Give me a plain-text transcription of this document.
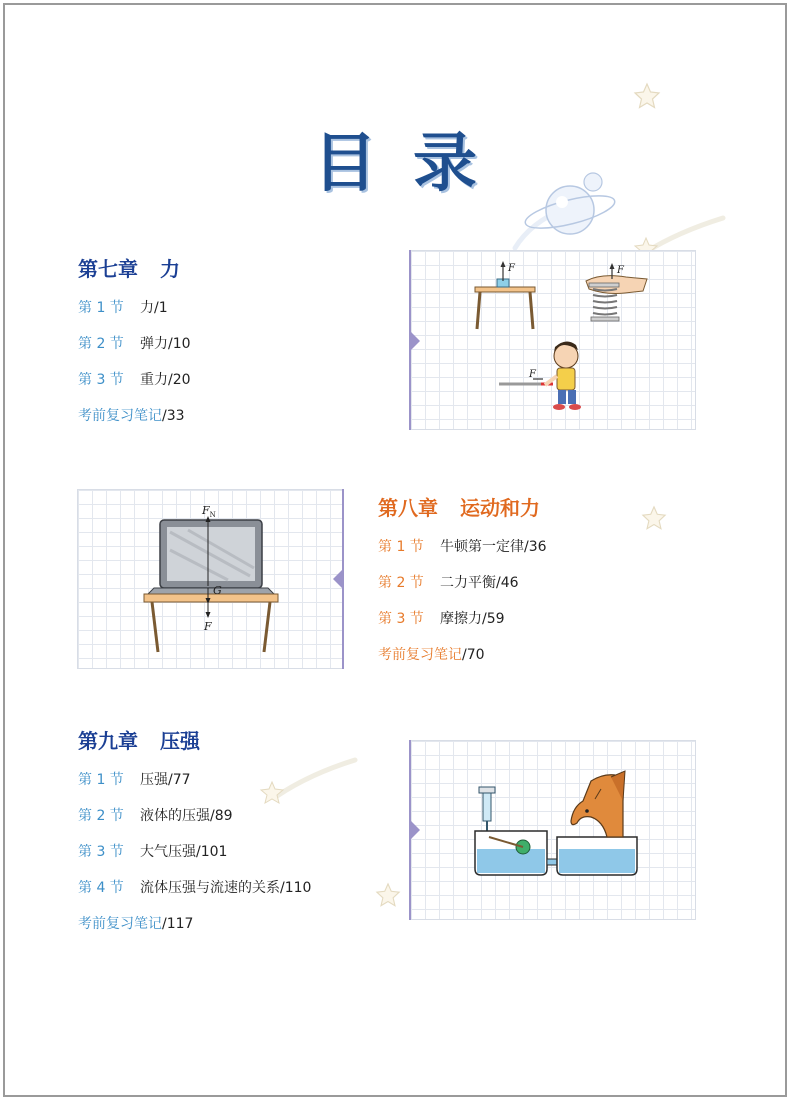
目录
第七章 力
第 1 节 力/1
第 2 节 弹力/10
第 3 节 重力/20
考前复习笔记/33
F	F
F
$F_N$
G
F
第八章 运动和力
第 1 节 牛顿第一定律/36
第 2 节 二力平衡/46
第 3 节 摩擦力/59
考前复习笔记/70
第九章 压强
第 1 节 压强/77
第 2 节 液体的压强/89
第 3 节 大气压强/101
第 4 节 流体压强与流速的关系/110
考前复习笔记/117
